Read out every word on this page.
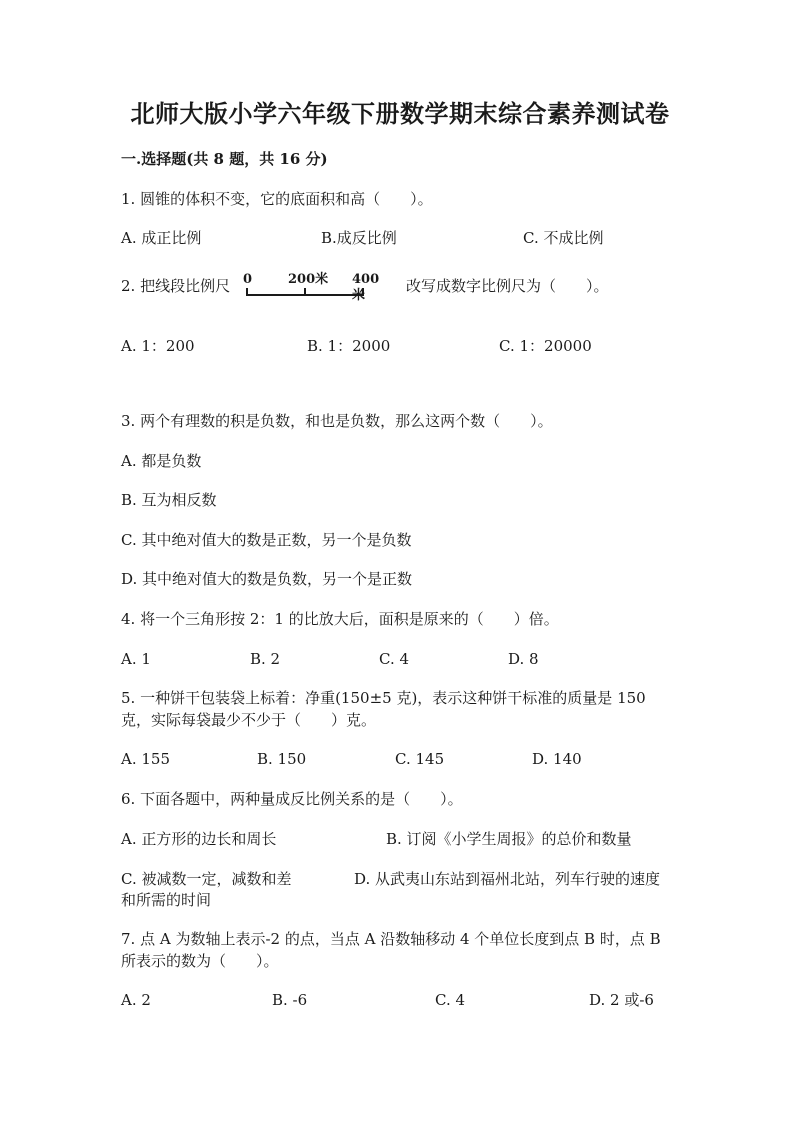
北师大版小学六年级下册数学期末综合素养测试卷
一.选择题(共 8 题，共 16 分)
1. 圆锥的体积不变，它的底面积和高（　　）。
A. 成正比例	B.成反比例	C. 不成比例
2. 把线段比例尺 0	200米 400米
改写成数字比例尺为（　　）。
A. 1：200	B. 1：2000	C. 1：20000
3. 两个有理数的积是负数，和也是负数，那么这两个数（　　）。
A. 都是负数
B. 互为相反数
C. 其中绝对值大的数是正数，另一个是负数
D. 其中绝对值大的数是负数，另一个是正数
4. 将一个三角形按 2：1 的比放大后，面积是原来的（　　）倍。
A. 1	B. 2	C. 4	D. 8
5. 一种饼干包装袋上标着：净重(150±5 克)，表示这种饼干标准的质量是 150
克，实际每袋最少不少于（　　）克。
A. 155	B. 150	C. 145	D. 140
6. 下面各题中，两种量成反比例关系的是（　　）。
A. 正方形的边长和周长	B. 订阅《小学生周报》的总价和数量
C. 被减数一定，减数和差	D. 从武夷山东站到福州北站，列车行驶的速度
和所需的时间
7. 点 A 为数轴上表示-2 的点，当点 A 沿数轴移动 4 个单位长度到点 B 时，点 B
所表示的数为（　　）。
A. 2	B. -6	C. 4	D. 2 或-6
